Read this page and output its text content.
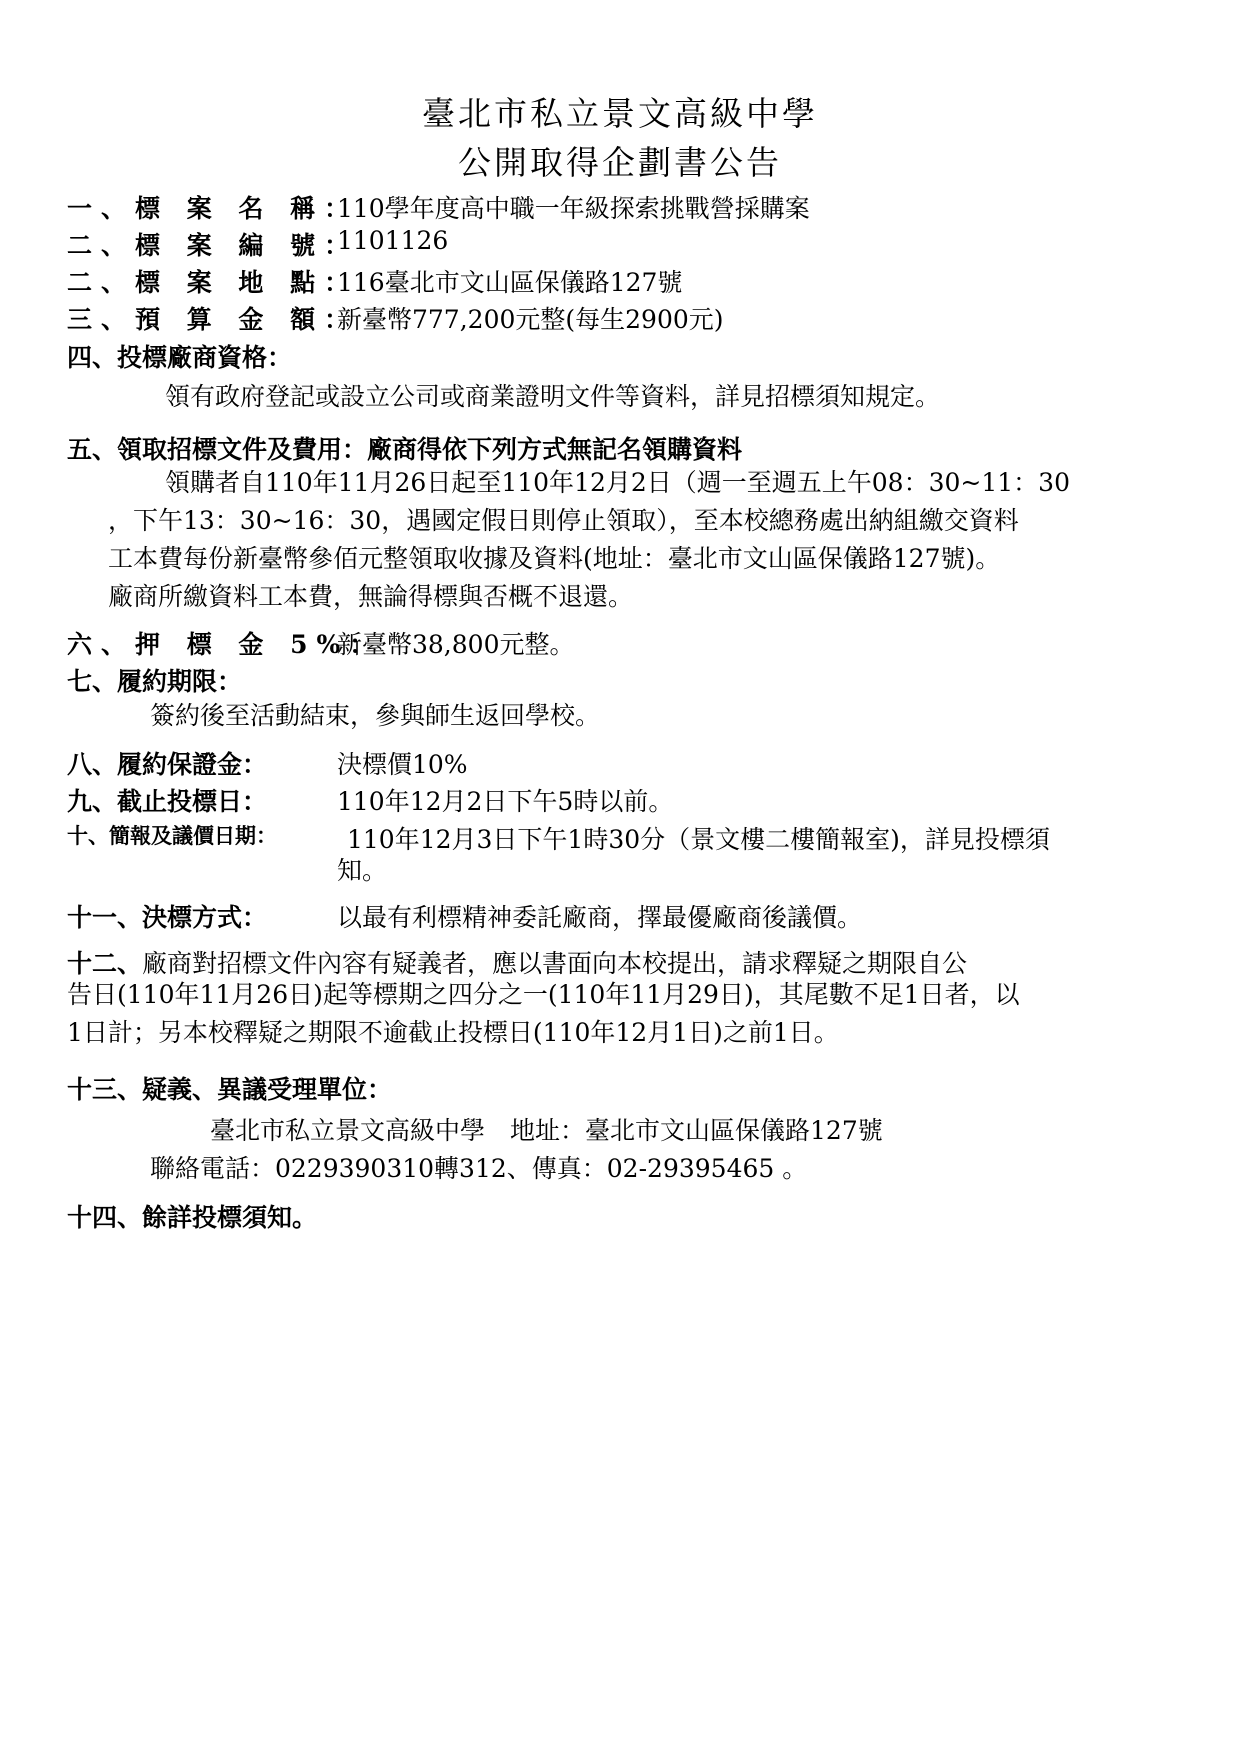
臺北市私立景文高級中學
公開取得企劃書公告
一、標 案 名 稱：
110學年度高中職一年級探索挑戰營採購案
二、標 案 編 號：
1101126
二、標 案 地 點：
116臺北市文山區保儀路127號
三、預 算 金 額：
新臺幣777,200元整(每生2900元)
四、投標廠商資格：
領有政府登記或設立公司或商業證明文件等資料，詳見招標須知規定。
五、領取招標文件及費用：廠商得依下列方式無記名領購資料
領購者自110年11月26日起至110年12月2日（週一至週五上午08：30~11：30
，下午13：30~16：30，遇國定假日則停止領取），至本校總務處出納組繳交資料
工本費每份新臺幣參佰元整領取收據及資料(地址：臺北市文山區保儀路127號)。
廠商所繳資料工本費，無論得標與否概不退還。
六、押 標 金 5%：
新臺幣38,800元整。
七、履約期限：
簽約後至活動結束，參與師生返回學校。
八、履約保證金：	決標價10%
九、截止投標日：	110年12月2日下午5時以前。
十、簡報及議價日期：	110年12月3日下午1時30分（景文樓二樓簡報室)，詳見投標須
知。
十一、決標方式：	以最有利標精神委託廠商，擇最優廠商後議價。
十二、廠商對招標文件內容有疑義者，應以書面向本校提出，請求釋疑之期限自公
告日(110年11月26日)起等標期之四分之一(110年11月29日)，其尾數不足1日者，以
1日計；另本校釋疑之期限不逾截止投標日(110年12月1日)之前1日。
十三、疑義、異議受理單位：
臺北市私立景文高級中學　地址：臺北市文山區保儀路127號
聯絡電話：0229390310轉312、傳真：02-29395465 。
十四、餘詳投標須知。
